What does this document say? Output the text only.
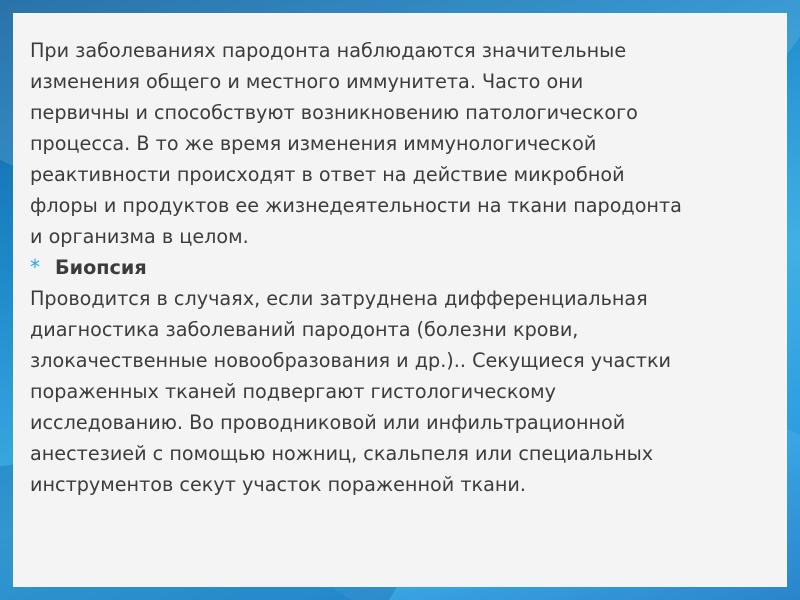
При заболеваниях пародонта наблюдаются значительные
изменения общего и местного иммунитета. Часто они
первичны и способствуют возникновению патологического
процесса. В то же время изменения иммунологической
реактивности происходят в ответ на действие микробной
флоры и продуктов ее жизнедеятельности на ткани пародонта
и организма в целом.

* Биопсия

Проводится в случаях, если затруднена дифференциальная
диагностика заболеваний пародонта (болезни крови,
злокачественные новообразования и др.).. Секущиеся участки
пораженных тканей подвергают гистологическому
исследованию. Во проводниковой или инфильтрационной
анестезией с помощью ножниц, скальпеля или специальных
инструментов секут участок пораженной ткани.
